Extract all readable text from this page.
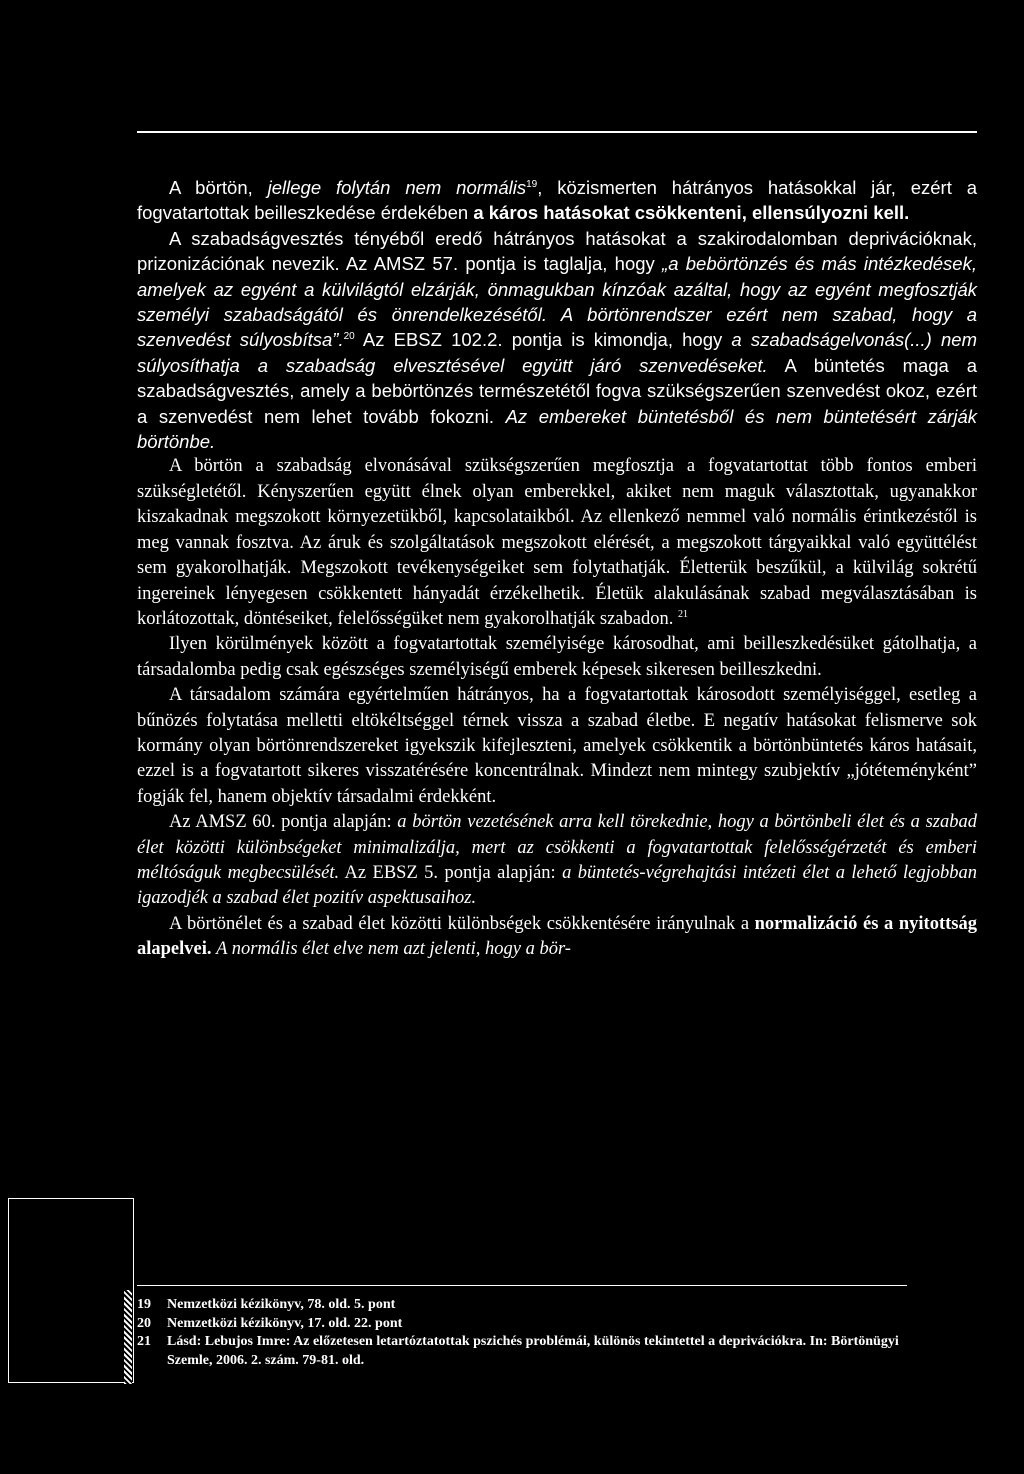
A börtön, jellege folytán nem normális$^{19}$, közismerten hátrányos hatásokkal jár, ezért a fogvatartottak beilleszkedése érdekében a káros hatásokat csökkenteni, ellensúlyozni kell.

A szabadságvesztés tényéből eredő hátrányos hatásokat a szakirodalomban deprivációknak, prizonizációnak nevezik. Az AMSZ 57. pontja is taglalja, hogy „a bebörtönzés és más intézkedések, amelyek az egyént a külvilágtól elzárják, önmagukban kínzóak azáltal, hogy az egyént megfosztják személyi szabadságától és önrendelkezésétől. A börtönrendszer ezért nem szabad, hogy a szenvedést súlyosbítsa”.$^{20}$ Az EBSZ 102.2. pontja is kimondja, hogy a szabadságelvonás(...) nem súlyosíthatja a szabadság elvesztésével együtt járó szenvedéseket. A büntetés maga a szabadságvesztés, amely a bebörtönzés természetétől fogva szükségszerűen szenvedést okoz, ezért a szenvedést nem lehet tovább fokozni. Az embereket büntetésből és nem büntetésért zárják börtönbe.

A börtön a szabadság elvonásával szükségszerűen megfosztja a fogvatartottat több fontos emberi szükségletétől. Kényszerűen együtt élnek olyan emberekkel, akiket nem maguk választottak, ugyanakkor kiszakadnak megszokott környezetükből, kapcsolataikból. Az ellenkező nemmel való normális érintkezéstől is meg vannak fosztva. Az áruk és szolgáltatások megszokott elérését, a megszokott tárgyaikkal való együttélést sem gyakorolhatják. Megszokott tevékenységeiket sem folytathatják. Életterük beszűkül, a külvilág sokrétű ingereinek lényegesen csökkentett hányadát érzékelhetik. Életük alakulásának szabad megválasztásában is korlátozottak, döntéseiket, felelősségüket nem gyakorolhatják szabadon. $^{21}$

Ilyen körülmények között a fogvatartottak személyisége károsodhat, ami beilleszkedésüket gátolhatja, a társadalomba pedig csak egészséges személyiségű emberek képesek sikeresen beilleszkedni.

A társadalom számára egyértelműen hátrányos, ha a fogvatartottak károsodott személyiséggel, esetleg a bűnözés folytatása melletti eltökéltséggel térnek vissza a szabad életbe. E negatív hatásokat felismerve sok kormány olyan börtönrendszereket igyekszik kifejleszteni, amelyek csökkentik a börtönbüntetés káros hatásait, ezzel is a fogvatartott sikeres visszatérésére koncentrálnak. Mindezt nem mintegy szubjektív „jótéteményként” fogják fel, hanem objektív társadalmi érdekként.

Az AMSZ 60. pontja alapján: a börtön vezetésének arra kell törekednie, hogy a börtönbeli élet és a szabad élet közötti különbségeket minimalizálja, mert az csökkenti a fogvatartottak felelősségérzetét és emberi méltóságuk megbecsülését. Az EBSZ 5. pontja alapján: a büntetés-végrehajtási intézeti élet a lehető legjobban igazodjék a szabad élet pozitív aspektusaihoz.

A börtönélet és a szabad élet közötti különbségek csökkentésére irányulnak a normalizáció és a nyitottság alapelvei. A normális élet elve nem azt jelenti, hogy a bör-

19	Nemzetközi kézikönyv, 78. old. 5. pont
20	Nemzetközi kézikönyv, 17. old. 22. pont
21	Lásd: Lebujos Imre: Az előzetesen letartóztatottak pszichés problémái, különös tekintettel a deprivációkra. In: Börtönügyi Szemle, 2006. 2. szám. 79-81. old.
